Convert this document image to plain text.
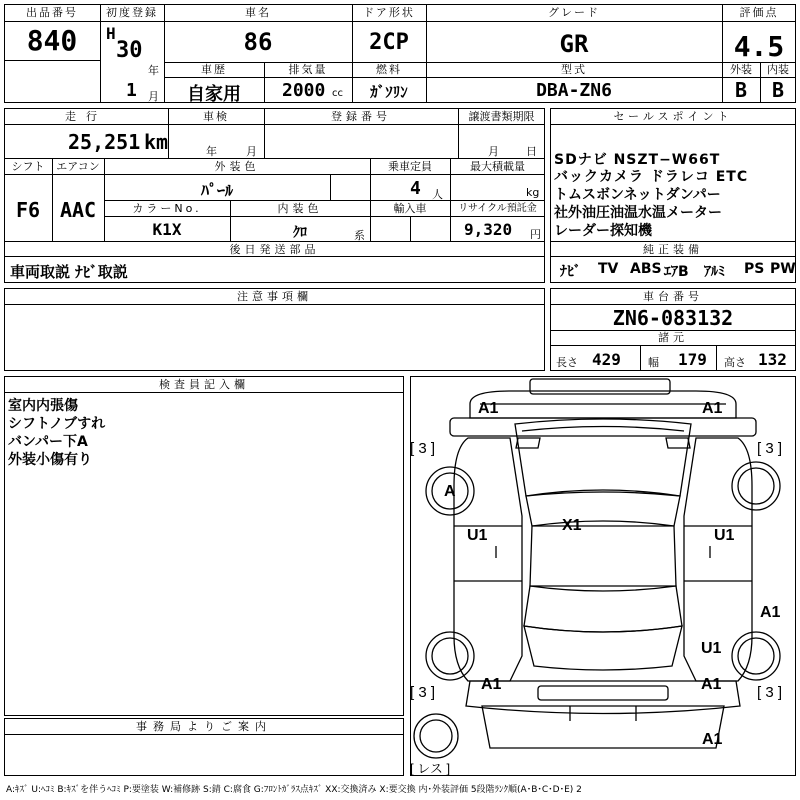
出品番号
840
初度登録
H
30
年
1 月
車名
86
ドア形状
2CP
グレード
GR
評価点
4.5
車歴
自家用
排気量
2000 cc
燃料
ｶﾞｿﾘﾝ
型式
DBA-ZN6
外装
B
内装
B
走行
25,251 km
車検
年	月
登録番号	譲渡書類期限
月 日
シフト
F6
エアコン
AAC
外装色
ﾊﾟｰﾙ
乗車定員
4 人
最大積載量
kg
カラーNo.
K1X
内装色
ｸﾛ	系
輸入車	リサイクル預託金
9,320 円
後日発送部品
車両取説 ﾅﾋﾞ取説
セールスポイント
SDナビ NSZT−W66T
バックカメラ ドラレコ ETC
トムスボンネットダンパー
社外油圧油温水温メーター
レーダー探知機
純正装備
ﾅﾋﾞ TV ABS ｴｱB ｱﾙﾐ PS PW
注意事項欄	車台番号
ZN6-083132
諸元
長さ 429 幅 179 高さ 132
検査員記入欄
室内内張傷
シフトノブすれ
バンパー下A
外装小傷有り
事務局よりご案内
A1	A1
[ 3 ]	[ 3 ]
A
X1
U1	U1
A1
U1
A1	A1
[ 3 ]	[ 3 ]
A1
[ レス ]
A:ｷｽﾞ U:ﾍｺﾐ B:ｷｽﾞを伴うﾍｺﾐ P:要塗装 W:補修跡 S:錆 C:腐食 G:ﾌﾛﾝﾄｶﾞﾗｽ点ｷｽﾞ XX:交換済み X:要交換 内･外装評価 5段階ﾗﾝｸ順(A･B･C･D･E) 2
